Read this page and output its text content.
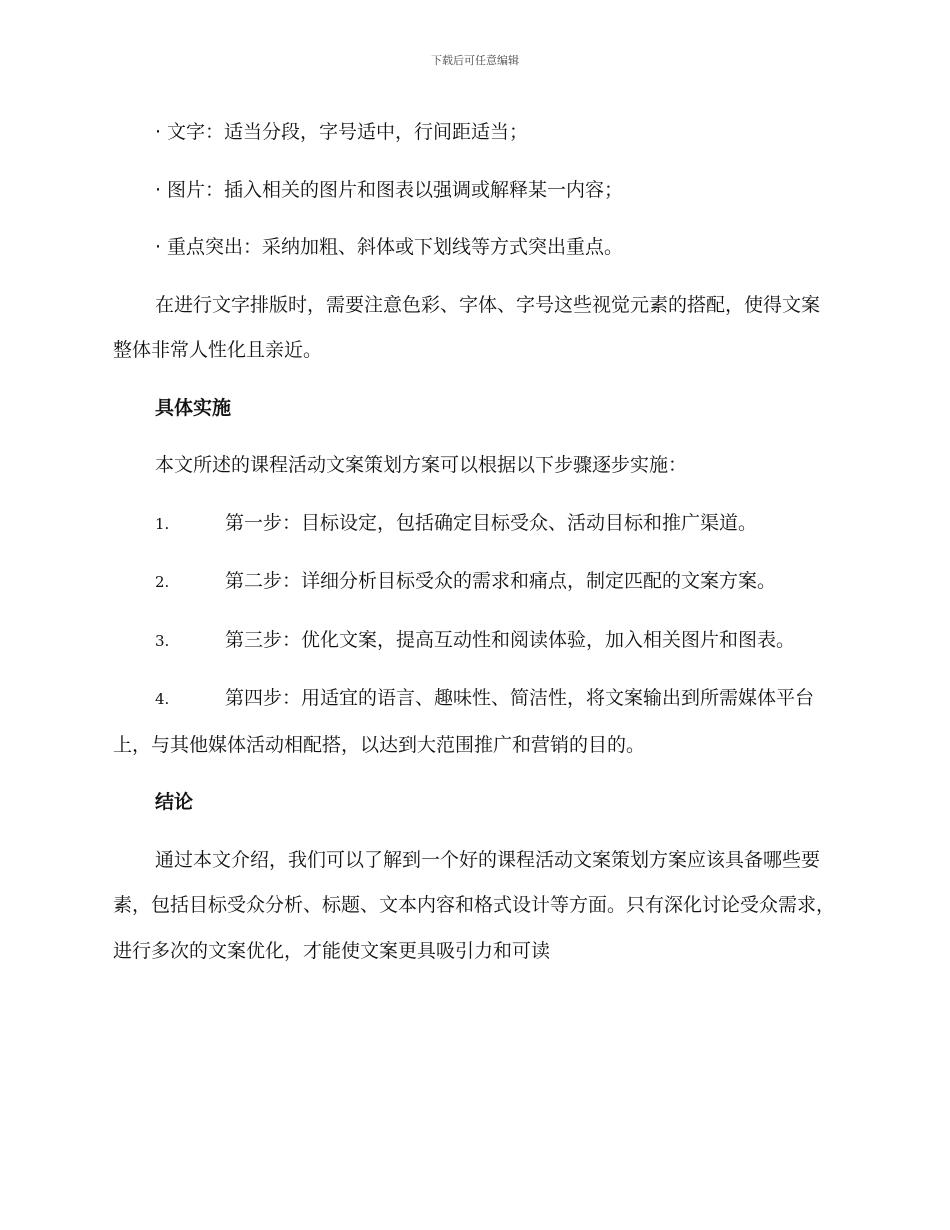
下载后可任意编辑
· 文字：适当分段，字号适中，行间距适当；
· 图片：插入相关的图片和图表以强调或解释某一内容；
· 重点突出：采纳加粗、斜体或下划线等方式突出重点。
在进行文字排版时，需要注意色彩、字体、字号这些视觉元素的搭配，使得文案整体非常人性化且亲近。
具体实施
本文所述的课程活动文案策划方案可以根据以下步骤逐步实施：
1.	第一步：目标设定，包括确定目标受众、活动目标和推广渠道。
2.	第二步：详细分析目标受众的需求和痛点，制定匹配的文案方案。
3.	第三步：优化文案，提高互动性和阅读体验，加入相关图片和图表。
4.	第四步：用适宜的语言、趣味性、简洁性，将文案输出到所需媒体平台上，与其他媒体活动相配搭，以达到大范围推广和营销的目的。
结论
通过本文介绍，我们可以了解到一个好的课程活动文案策划方案应该具备哪些要素，包括目标受众分析、标题、文本内容和格式设计等方面。只有深化讨论受众需求，进行多次的文案优化，才能使文案更具吸引力和可读
